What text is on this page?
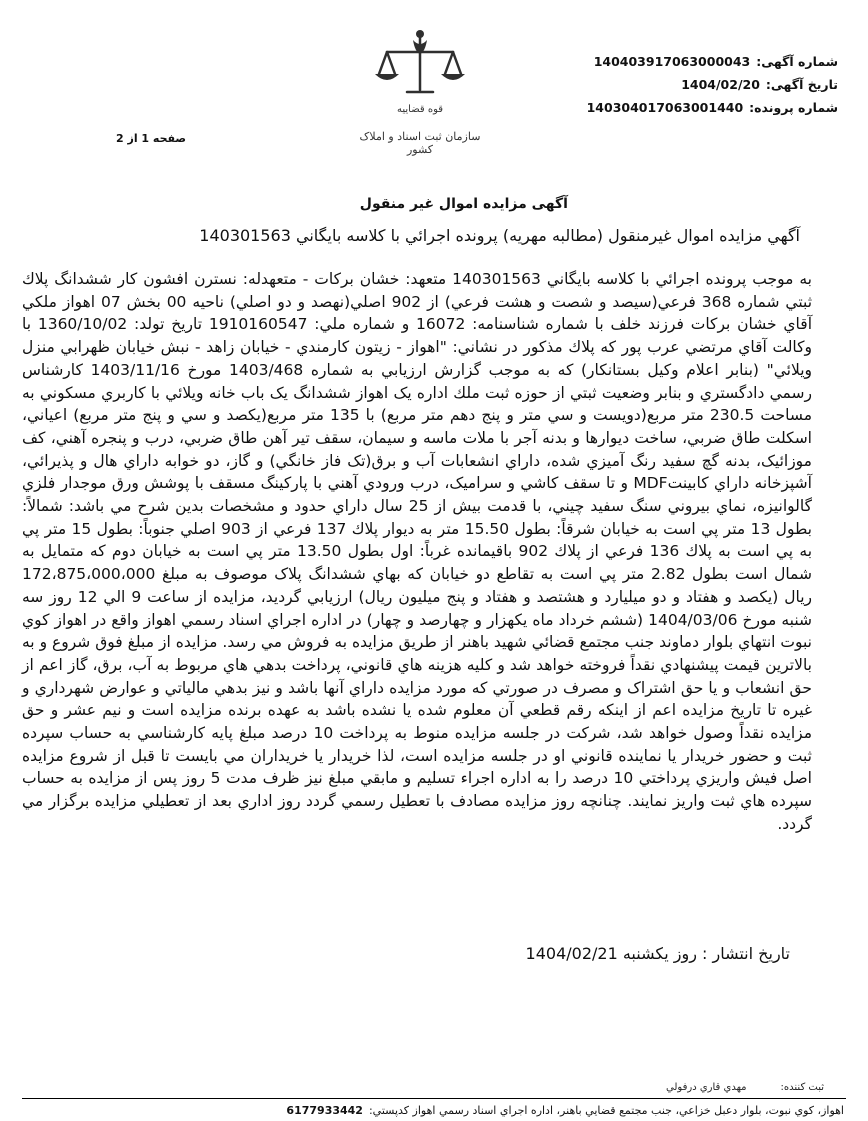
شماره آگهی:140403917063000043
تاریخ آگهی:1404/02/20
شماره پرونده:140304017063001440
قوه قضاییه
سازمان ثبت اسناد و املاک کشور
صفحه 1 از 2
آگهی مزایده اموال غیر منقول
آگهي مزايده اموال غيرمنقول (مطالبه مهريه) پرونده اجرائي با كلاسه بايگاني 140301563
به موجب پرونده اجرائي با كلاسه بايگاني 140301563 متعهد: خشان بركات - متعهدله: نسترن افشون كار ششدانگ پلاك ثبتي شماره 368 فرعي(سيصد و شصت و هشت فرعي) از 902 اصلي(نهصد و دو اصلي) ناحيه 00 بخش 07 اهواز ملكي آقاي خشان بركات فرزند خلف با شماره شناسنامه: 16072 و شماره ملي: 1910160547 تاريخ تولد: 1360/10/02 با وكالت آقاي مرتضي عرب پور كه پلاك مذكور در نشاني: "اهواز - زيتون كارمندي - خيابان زاهد - نبش خيابان ظهرابي منزل ويلائي" (بنابر اعلام وكيل بستانكار) كه به موجب گزارش ارزيابي به شماره 1403/468 مورخ 1403/11/16 كارشناس رسمي دادگستري و بنابر وضعيت ثبتي از حوزه ثبت ملك اداره يک اهواز ششدانگ يک باب خانه ويلائي با كاربري مسكوني به مساحت 230.5 متر مربع(دويست و سي متر و پنج دهم متر مربع) با 135 متر مربع(يكصد و سي و پنج متر مربع) اعياني، اسكلت طاق ضربي، ساخت ديوارها و بدنه آجر با ملات ماسه و سيمان، سقف تير آهن طاق ضربي، درب و پنجره آهني، كف موزائيک، بدنه گچ سفيد رنگ آميزي شده، داراي انشعابات آب و برق(تک فاز خانگي) و گاز، دو خوابه داراي هال و پذيرائي، آشپزخانه داراي كابينتMDF و تا سقف كاشي و سراميک، درب ورودي آهني با پاركينگ مسقف با پوشش ورق موجدار فلزي گالوانيزه، نماي بيروني سنگ سفيد چيني، با قدمت بيش از 25 سال داراي حدود و مشخصات بدين شرح مي باشد: شمالاً: بطول 13 متر پي است به خيابان شرقاً: بطول 15.50 متر به ديوار پلاك 137 فرعي از 903 اصلي جنوباً: بطول 15 متر پي به پي است به پلاك 136 فرعي از پلاك 902 باقيمانده غرباً: اول بطول 13.50 متر پي است به خيابان دوم كه متمايل به شمال است بطول 2.82 متر پي است به تقاطع دو خيابان كه بهاي ششدانگ پلاک موصوف به مبلغ 172،875،000،000 ريال (يكصد و هفتاد و دو ميليارد و هشتصد و هفتاد و پنج ميليون ريال) ارزيابي گرديد، مزايده از ساعت 9 الي 12 روز سه شنبه مورخ 1404/03/06 (ششم خرداد ماه يكهزار و چهارصد و چهار) در اداره اجراي اسناد رسمي اهواز واقع در اهواز كوي نبوت انتهاي بلوار دماوند جنب مجتمع قضائي شهيد باهنر از طريق مزايده به فروش مي رسد. مزايده از مبلغ فوق شروع و به بالاترين قيمت پيشنهادي نقداً فروخته خواهد شد و كليه هزينه هاي قانوني، پرداخت بدهي هاي مربوط به آب، برق، گاز اعم از حق انشعاب و يا حق اشتراک و مصرف در صورتي كه مورد مزايده داراي آنها باشد و نيز بدهي مالياتي و عوارض شهرداري و غيره تا تاريخ مزايده اعم از اينكه رقم قطعي آن معلوم شده يا نشده باشد به عهده برنده مزايده است و نيم عشر و حق مزايده نقداً وصول خواهد شد، شركت در جلسه مزايده منوط به پرداخت 10 درصد مبلغ پايه كارشناسي به حساب سپرده ثبت و حضور خريدار يا نماينده قانوني او در جلسه مزايده است، لذا خريدار يا خريداران مي بايست تا قبل از شروع مزايده اصل فيش واريزي پرداختي 10 درصد را به اداره اجراء تسليم و مابقي مبلغ نيز ظرف مدت 5 روز پس از مزايده به حساب سپرده هاي ثبت واريز نمايند. چنانچه روز مزايده مصادف با تعطيل رسمي گردد روز اداري بعد از تعطيلي مزايده برگزار مي گردد.
تاريخ انتشار : روز يكشنبه 1404/02/21
ثبت کننده:مهدي قاري درفولي
اهواز، كوي نبوت، بلوار دعبل خزاعي، جنب مجتمع قضايي باهنر، اداره اجراي اسناد رسمي اهواز كدپستي:6177933442
